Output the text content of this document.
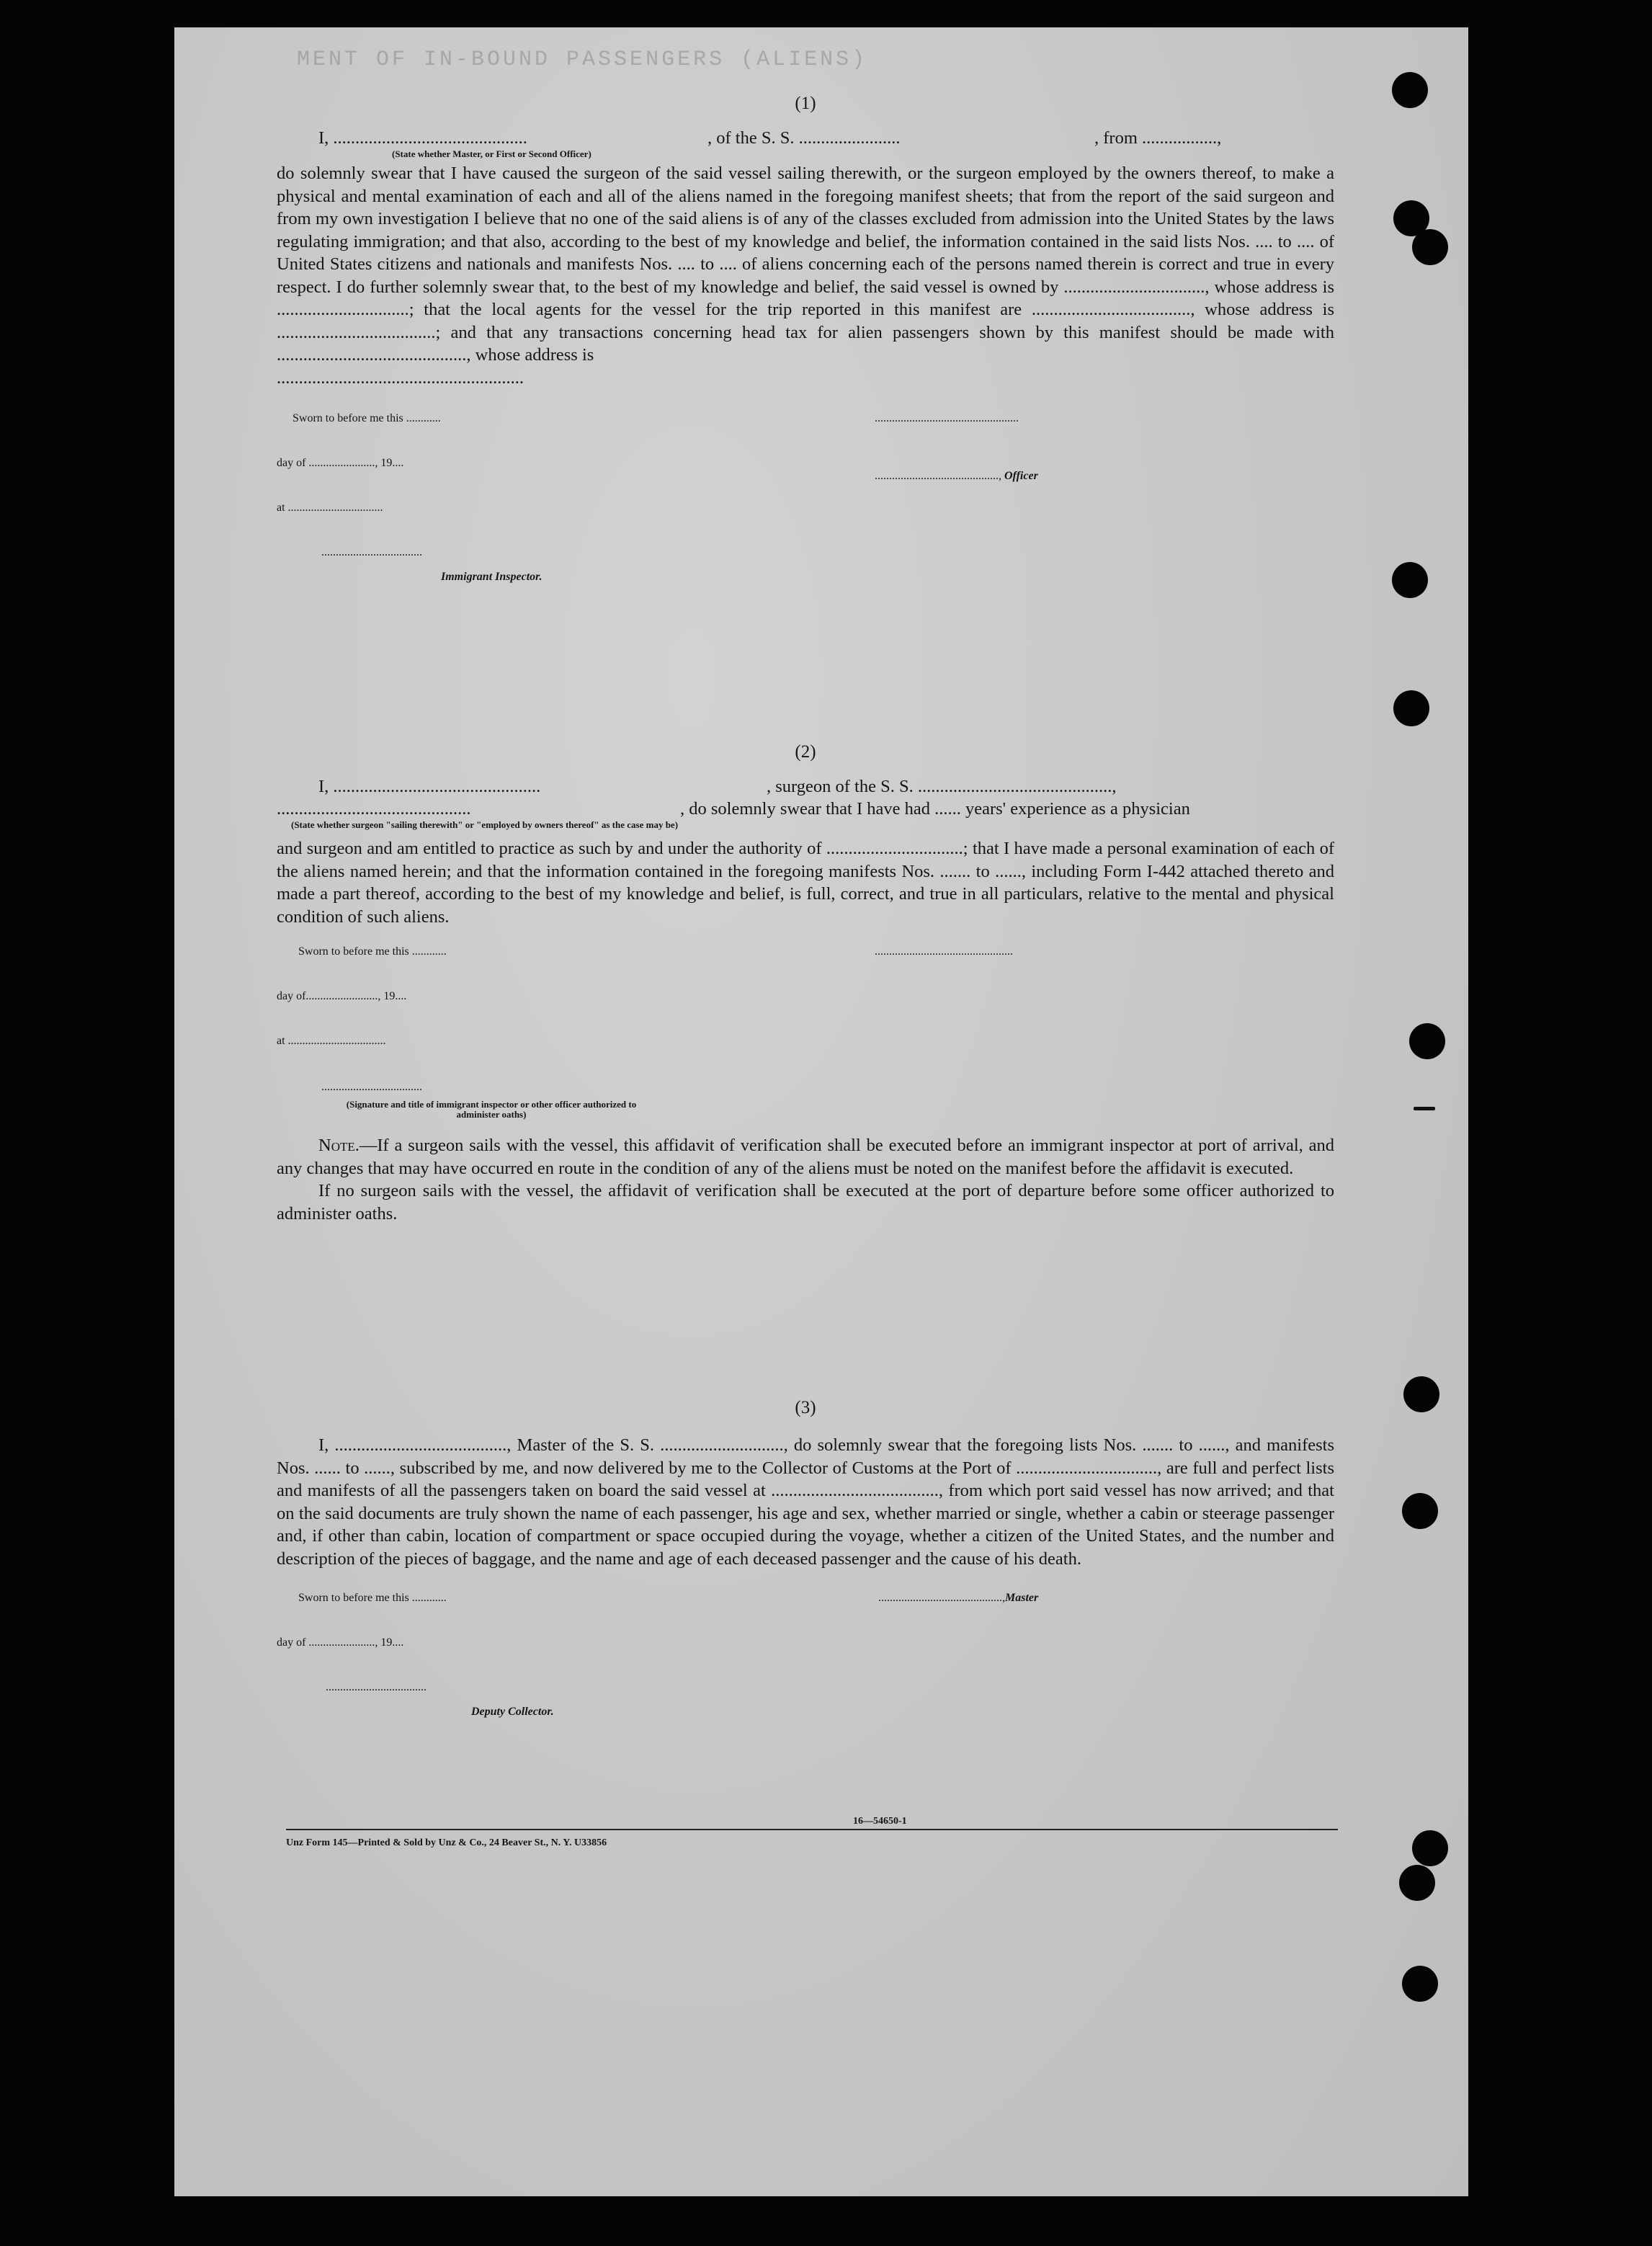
MENT OF IN-BOUND PASSENGERS (ALIENS)
(1)
I, ............................................	, of the S. S. .......................	, from .................,
(State whether Master, or First or Second Officer)

do solemnly swear that I have caused the surgeon of the said vessel sailing therewith, or the surgeon employed by the owners thereof, to make a physical and mental examination of each and all of the aliens named in the foregoing manifest sheets; that from the report of the said surgeon and from my own investigation I believe that no one of the said aliens is of any of the classes excluded from admission into the United States by the laws regulating immigration; and that also, according to the best of my knowledge and belief, the information contained in the said lists Nos. .... to .... of United States citizens and nationals and manifests Nos. .... to .... of aliens concerning each of the persons named therein is correct and true in every respect. I do further solemnly swear that, to the best of my knowledge and belief, the said vessel is owned by ................................, whose address is ..............................; that the local agents for the vessel for the trip reported in this manifest are ...................................., whose address is ....................................; and that any transactions concerning head tax for alien passengers shown by this manifest should be made with ..........................................., whose address is

........................................................
Sworn to before me this ............	..................................................
day of ......................., 19....
..........................................., Officer
at .................................
...................................
Immigrant Inspector.
(2)
I, ...............................................	, surgeon of the S. S. ............................................,
............................................	, do solemnly swear that I have had ...... years' experience as a physician
(State whether surgeon "sailing therewith" or "employed by owners thereof" as the case may be)

and surgeon and am entitled to practice as such by and under the authority of ...............................; that I have made a personal examination of each of the aliens named herein; and that the information contained in the foregoing manifests Nos. ....... to ......, including Form I-442 attached thereto and made a part thereof, according to the best of my knowledge and belief, is full, correct, and true in all particulars, relative to the mental and physical condition of such aliens.

Sworn to before me this ............	................................................
day of........................., 19....
at ..................................
...................................
(Signature and title of immigrant inspector or other officer authorized to administer oaths)

Note.—If a surgeon sails with the vessel, this affidavit of verification shall be executed before an immigrant inspector at port of arrival, and any changes that may have occurred en route in the condition of any of the aliens must be noted on the manifest before the affidavit is executed.

If no surgeon sails with the vessel, the affidavit of verification shall be executed at the port of departure before some officer authorized to administer oaths.

(3)

I, ......................................., Master of the S. S. ............................, do solemnly swear that the foregoing lists Nos. ....... to ......, and manifests Nos. ...... to ......, subscribed by me, and now delivered by me to the Collector of Customs at the Port of ................................, are full and perfect lists and manifests of all the passengers taken on board the said vessel at ......................................, from which port said vessel has now arrived; and that on the said documents are truly shown the name of each passenger, his age and sex, whether married or single, whether a cabin or steerage passenger and, if other than cabin, location of compartment or space occupied during the voyage, whether a citizen of the United States, and the number and description of the pieces of baggage, and the name and age of each deceased passenger and the cause of his death.

Sworn to before me this ............	...........................................,Master
day of ......................., 19....
...................................
Deputy Collector.
16—54650-1
Unz Form 145—Printed & Sold by Unz & Co., 24 Beaver St., N. Y. U33856
